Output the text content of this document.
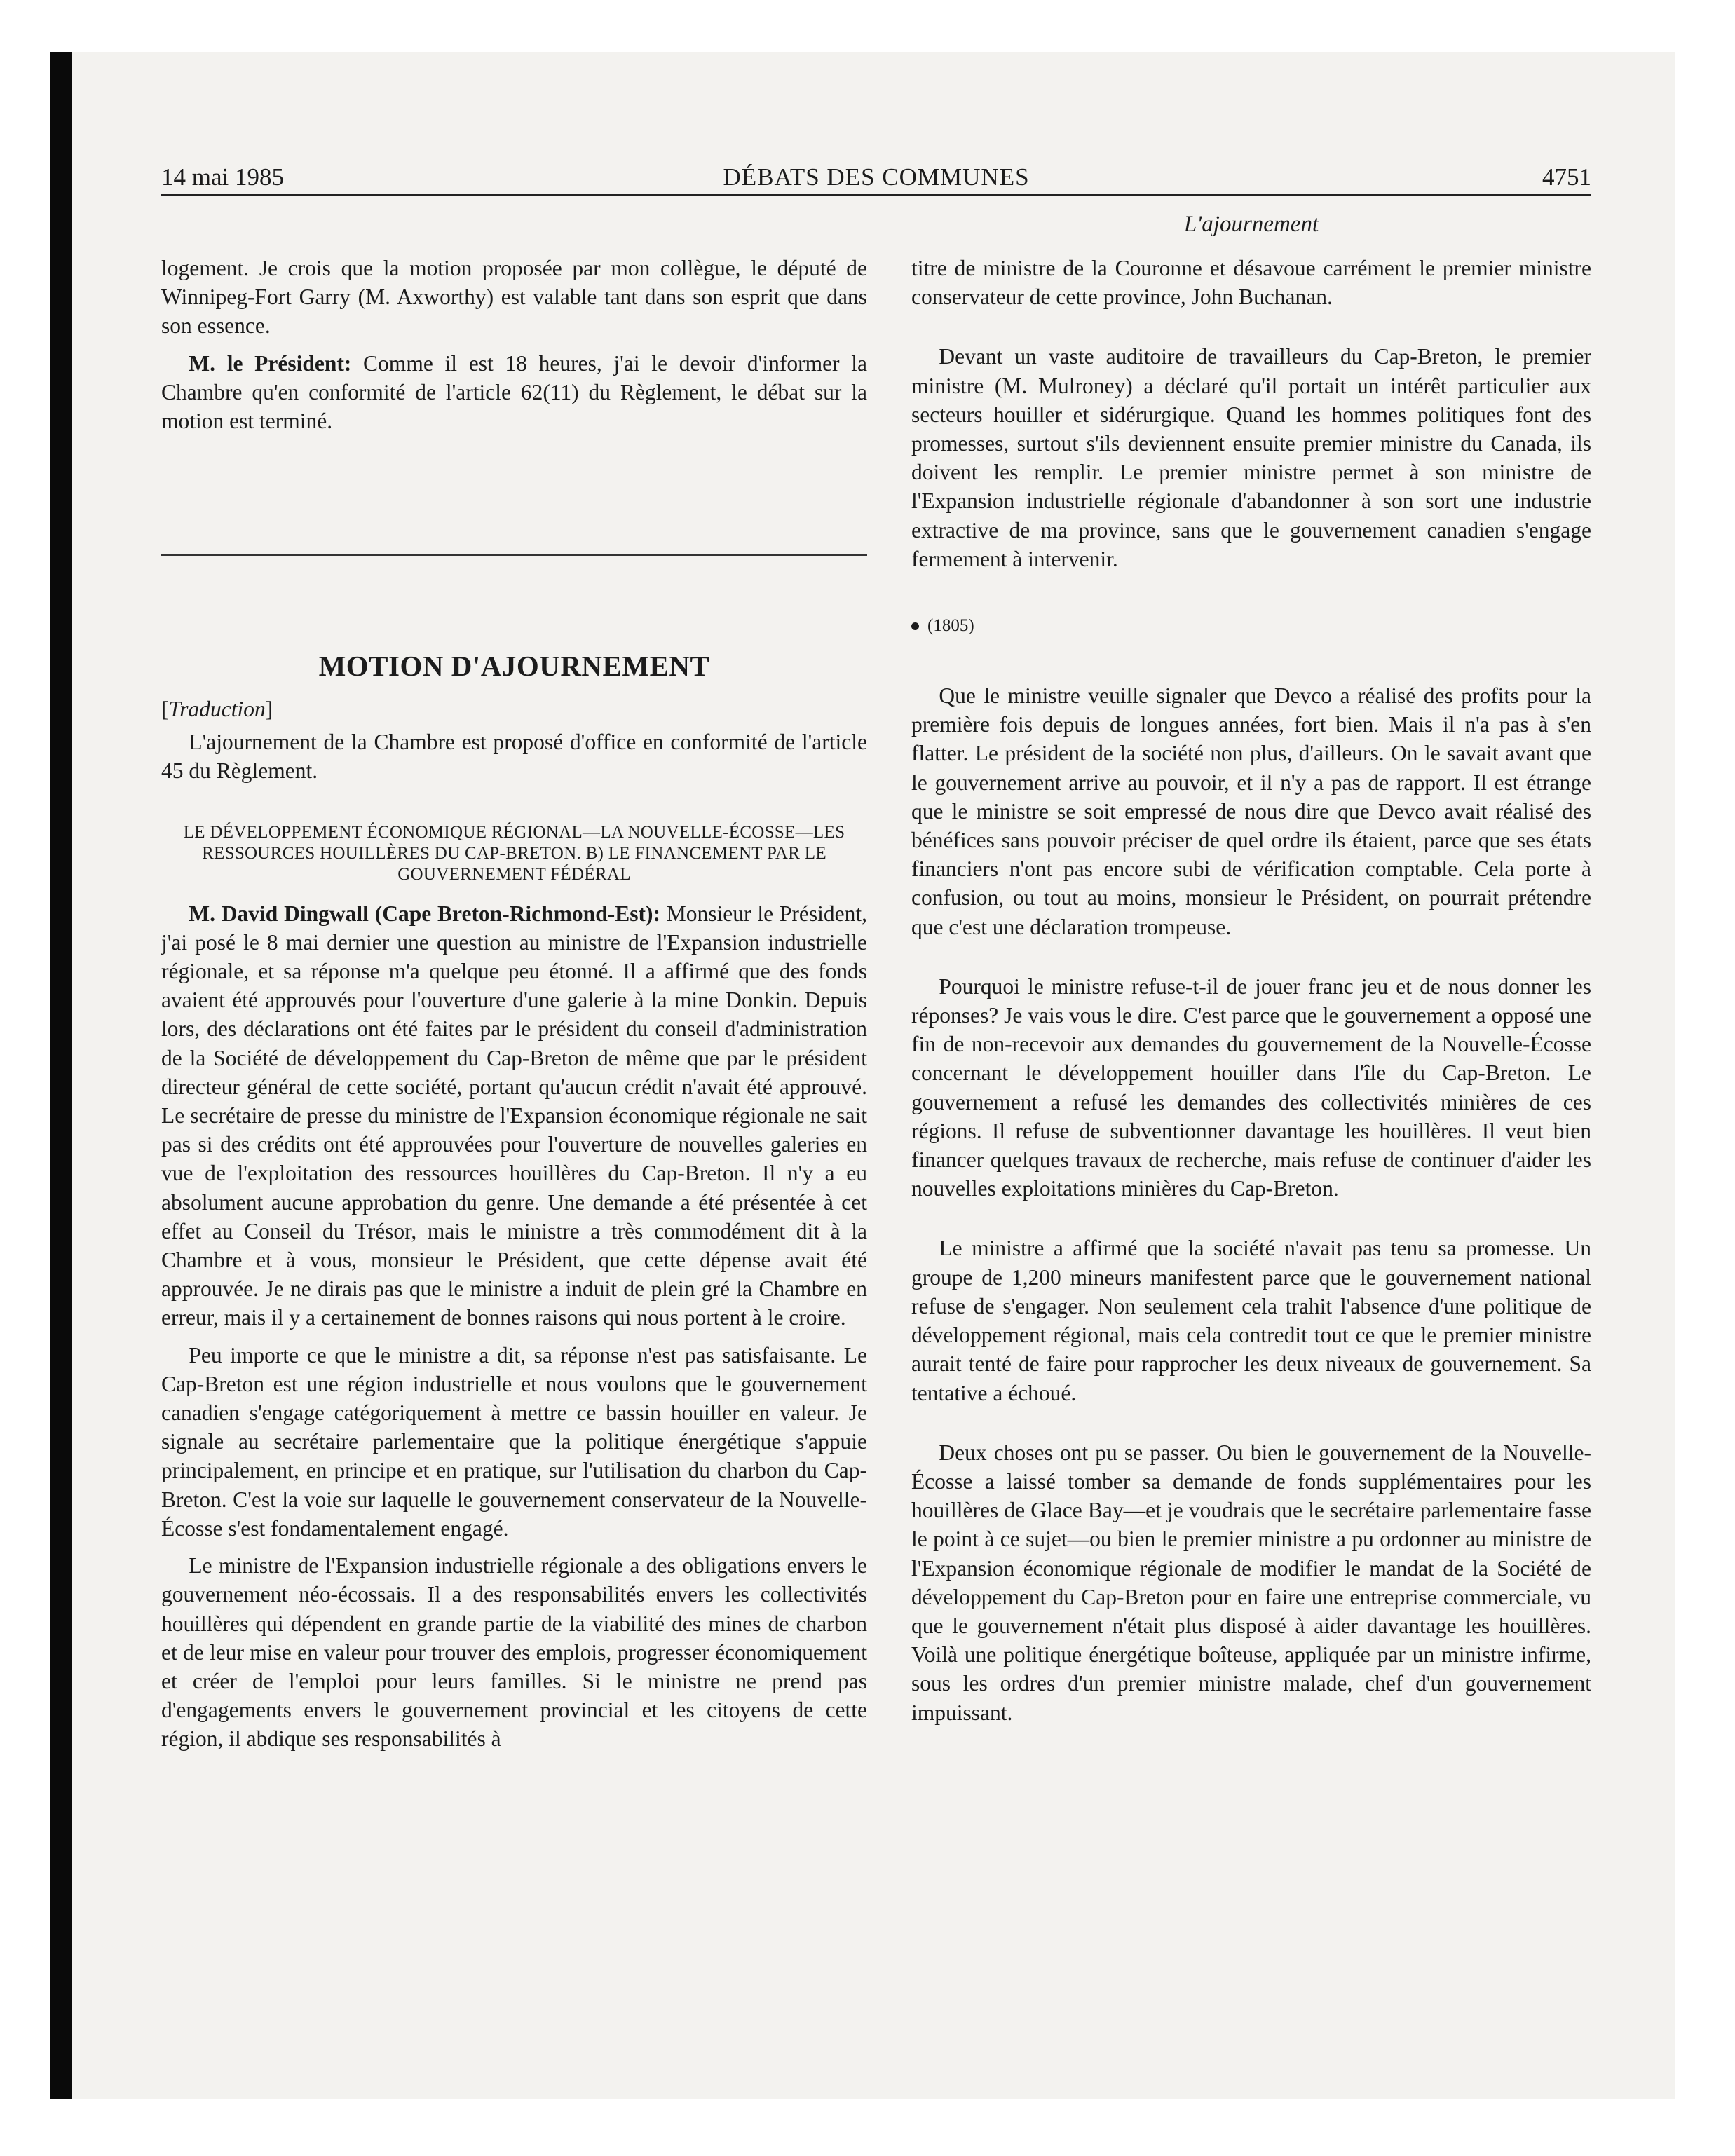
14 mai 1985	DÉBATS DES COMMUNES	4751
L'ajournement

logement. Je crois que la motion proposée par mon collègue, le député de Winnipeg-Fort Garry (M. Axworthy) est valable tant dans son esprit que dans son essence.

M. le Président: Comme il est 18 heures, j'ai le devoir d'informer la Chambre qu'en conformité de l'article 62(11) du Règlement, le débat sur la motion est terminé.

MOTION D'AJOURNEMENT
[Traduction]

L'ajournement de la Chambre est proposé d'office en conformité de l'article 45 du Règlement.

LE DÉVELOPPEMENT ÉCONOMIQUE RÉGIONAL—LA NOUVELLE-ÉCOSSE—LES RESSOURCES HOUILLÈRES DU CAP-BRETON. B) LE FINANCEMENT PAR LE GOUVERNEMENT FÉDÉRAL

M. David Dingwall (Cape Breton-Richmond-Est): Monsieur le Président, j'ai posé le 8 mai dernier une question au ministre de l'Expansion industrielle régionale, et sa réponse m'a quelque peu étonné. Il a affirmé que des fonds avaient été approuvés pour l'ouverture d'une galerie à la mine Donkin. Depuis lors, des déclarations ont été faites par le président du conseil d'administration de la Société de développement du Cap-Breton de même que par le président directeur général de cette société, portant qu'aucun crédit n'avait été approuvé. Le secrétaire de presse du ministre de l'Expansion économique régionale ne sait pas si des crédits ont été approuvées pour l'ouverture de nouvelles galeries en vue de l'exploitation des ressources houillères du Cap-Breton. Il n'y a eu absolument aucune approbation du genre. Une demande a été présentée à cet effet au Conseil du Trésor, mais le ministre a très commodément dit à la Chambre et à vous, monsieur le Président, que cette dépense avait été approuvée. Je ne dirais pas que le ministre a induit de plein gré la Chambre en erreur, mais il y a certainement de bonnes raisons qui nous portent à le croire.

Peu importe ce que le ministre a dit, sa réponse n'est pas satisfaisante. Le Cap-Breton est une région industrielle et nous voulons que le gouvernement canadien s'engage catégoriquement à mettre ce bassin houiller en valeur. Je signale au secrétaire parlementaire que la politique énergétique s'appuie principalement, en principe et en pratique, sur l'utilisation du charbon du Cap-Breton. C'est la voie sur laquelle le gouvernement conservateur de la Nouvelle-Écosse s'est fondamentalement engagé.

Le ministre de l'Expansion industrielle régionale a des obligations envers le gouvernement néo-écossais. Il a des responsabilités envers les collectivités houillères qui dépendent en grande partie de la viabilité des mines de charbon et de leur mise en valeur pour trouver des emplois, progresser économiquement et créer de l'emploi pour leurs familles. Si le ministre ne prend pas d'engagements envers le gouvernement provincial et les citoyens de cette région, il abdique ses responsabilités à

titre de ministre de la Couronne et désavoue carrément le premier ministre conservateur de cette province, John Buchanan.

Devant un vaste auditoire de travailleurs du Cap-Breton, le premier ministre (M. Mulroney) a déclaré qu'il portait un intérêt particulier aux secteurs houiller et sidérurgique. Quand les hommes politiques font des promesses, surtout s'ils deviennent ensuite premier ministre du Canada, ils doivent les remplir. Le premier ministre permet à son ministre de l'Expansion industrielle régionale d'abandonner à son sort une industrie extractive de ma province, sans que le gouvernement canadien s'engage fermement à intervenir.

(1805)

Que le ministre veuille signaler que Devco a réalisé des profits pour la première fois depuis de longues années, fort bien. Mais il n'a pas à s'en flatter. Le président de la société non plus, d'ailleurs. On le savait avant que le gouvernement arrive au pouvoir, et il n'y a pas de rapport. Il est étrange que le ministre se soit empressé de nous dire que Devco avait réalisé des bénéfices sans pouvoir préciser de quel ordre ils étaient, parce que ses états financiers n'ont pas encore subi de vérification comptable. Cela porte à confusion, ou tout au moins, monsieur le Président, on pourrait prétendre que c'est une déclaration trompeuse.

Pourquoi le ministre refuse-t-il de jouer franc jeu et de nous donner les réponses? Je vais vous le dire. C'est parce que le gouvernement a opposé une fin de non-recevoir aux demandes du gouvernement de la Nouvelle-Écosse concernant le développement houiller dans l'île du Cap-Breton. Le gouvernement a refusé les demandes des collectivités minières de ces régions. Il refuse de subventionner davantage les houillères. Il veut bien financer quelques travaux de recherche, mais refuse de continuer d'aider les nouvelles exploitations minières du Cap-Breton.

Le ministre a affirmé que la société n'avait pas tenu sa promesse. Un groupe de 1,200 mineurs manifestent parce que le gouvernement national refuse de s'engager. Non seulement cela trahit l'absence d'une politique de développement régional, mais cela contredit tout ce que le premier ministre aurait tenté de faire pour rapprocher les deux niveaux de gouvernement. Sa tentative a échoué.

Deux choses ont pu se passer. Ou bien le gouvernement de la Nouvelle-Écosse a laissé tomber sa demande de fonds supplémentaires pour les houillères de Glace Bay—et je voudrais que le secrétaire parlementaire fasse le point à ce sujet—ou bien le premier ministre a pu ordonner au ministre de l'Expansion économique régionale de modifier le mandat de la Société de développement du Cap-Breton pour en faire une entreprise commerciale, vu que le gouvernement n'était plus disposé à aider davantage les houillères. Voilà une politique énergétique boîteuse, appliquée par un ministre infirme, sous les ordres d'un premier ministre malade, chef d'un gouvernement impuissant.
